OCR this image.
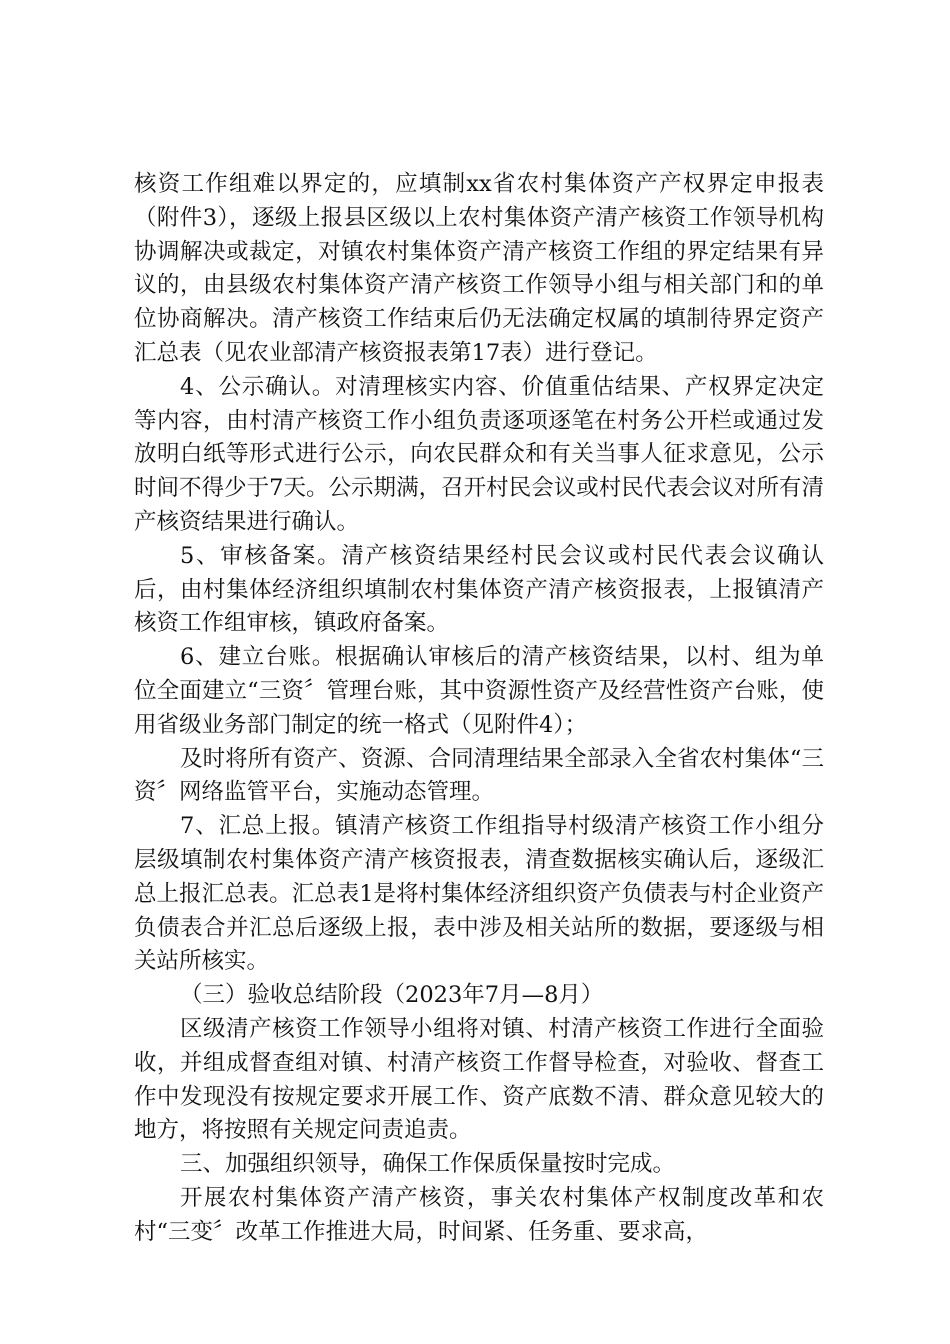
核资工作组难以界定的，应填制xx省农村集体资产产权界定申报表（附件3），逐级上报县区级以上农村集体资产清产核资工作领导机构协调解决或裁定，对镇农村集体资产清产核资工作组的界定结果有异议的，由县级农村集体资产清产核资工作领导小组与相关部门和的单位协商解决。清产核资工作结束后仍无法确定权属的填制待界定资产汇总表（见农业部清产核资报表第17表）进行登记。

4、公示确认。对清理核实内容、价值重估结果、产权界定决定等内容，由村清产核资工作小组负责逐项逐笔在村务公开栏或通过发放明白纸等形式进行公示，向农民群众和有关当事人征求意见，公示时间不得少于7天。公示期满，召开村民会议或村民代表会议对所有清产核资结果进行确认。

5、审核备案。清产核资结果经村民会议或村民代表会议确认后，由村集体经济组织填制农村集体资产清产核资报表，上报镇清产核资工作组审核，镇政府备案。

6、建立台账。根据确认审核后的清产核资结果，以村、组为单位全面建立“三资〞管理台账，其中资源性资产及经营性资产台账，使用省级业务部门制定的统一格式（见附件4）；

及时将所有资产、资源、合同清理结果全部录入全省农村集体“三资〞网络监管平台，实施动态管理。

7、汇总上报。镇清产核资工作组指导村级清产核资工作小组分层级填制农村集体资产清产核资报表，清查数据核实确认后，逐级汇总上报汇总表。汇总表1是将村集体经济组织资产负债表与村企业资产负债表合并汇总后逐级上报，表中涉及相关站所的数据，要逐级与相关站所核实。

（三）验收总结阶段（2023年7月—8月）

区级清产核资工作领导小组将对镇、村清产核资工作进行全面验收，并组成督查组对镇、村清产核资工作督导检查，对验收、督查工作中发现没有按规定要求开展工作、资产底数不清、群众意见较大的地方，将按照有关规定问责追责。

三、加强组织领导，确保工作保质保量按时完成。

开展农村集体资产清产核资，事关农村集体产权制度改革和农村“三变〞改革工作推进大局，时间紧、任务重、要求高，
